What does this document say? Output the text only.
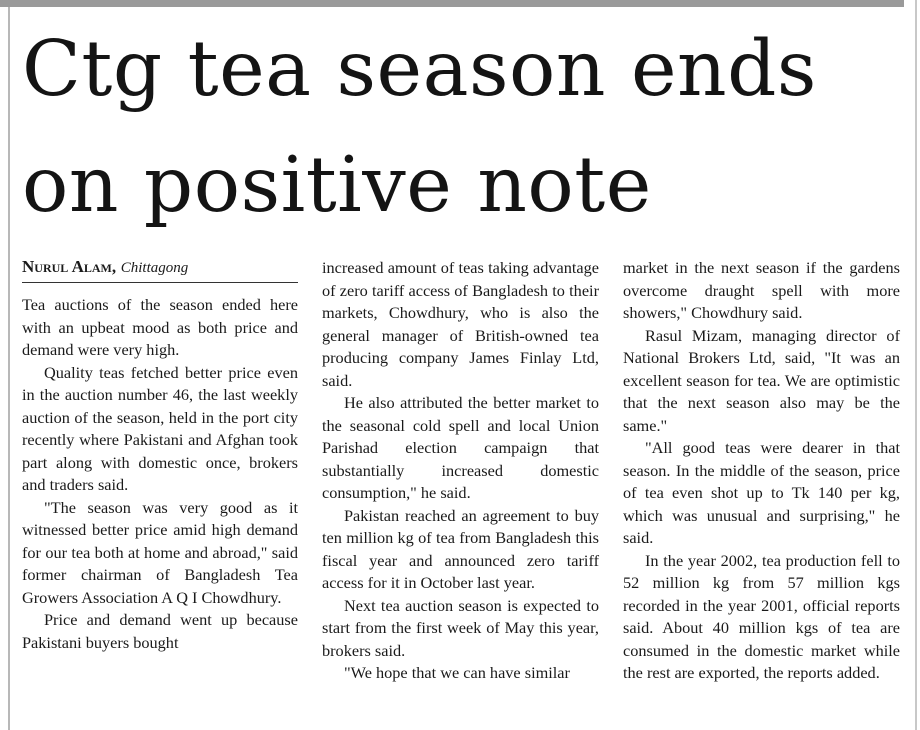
Ctg tea season ends
on positive note
Nurul Alam, Chittagong

Tea auctions of the season ended here with an upbeat mood as both price and demand were very high.

Quality teas fetched better price even in the auction number 46, the last weekly auction of the season, held in the port city recently where Pakistani and Afghan took part along with domestic once, brokers and traders said.

"The season was very good as it witnessed better price amid high demand for our tea both at home and abroad," said former chairman of Bangladesh Tea Growers Association A Q I Chowdhury.

Price and demand went up because Pakistani buyers bought

increased amount of teas taking advantage of zero tariff access of Bangladesh to their markets, Chowdhury, who is also the general manager of British-owned tea producing company James Finlay Ltd, said.

He also attributed the better market to the seasonal cold spell and local Union Parishad election campaign that substantially increased domestic consumption," he said.

Pakistan reached an agreement to buy ten million kg of tea from Bangladesh this fiscal year and announced zero tariff access for it in October last year.

Next tea auction season is expected to start from the first week of May this year, brokers said.

"We hope that we can have similar

market in the next season if the gardens overcome draught spell with more showers," Chowdhury said.

Rasul Mizam, managing director of National Brokers Ltd, said, "It was an excellent season for tea. We are optimistic that the next season also may be the same."

"All good teas were dearer in that season. In the middle of the season, price of tea even shot up to Tk 140 per kg, which was unusual and surprising," he said.

In the year 2002, tea production fell to 52 million kg from 57 million kgs recorded in the year 2001, official reports said. About 40 million kgs of tea are consumed in the domestic market while the rest are exported, the reports added.
